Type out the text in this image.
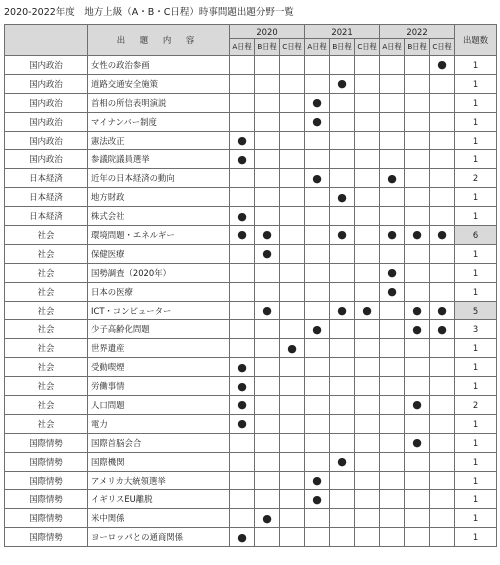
2020-2022年度　地方上級（A・B・C日程）時事問題出題分野一覧
	出 題 内 容	2020			2021			2022			出題数
		A日程	B日程	C日程	A日程	B日程	C日程	A日程	B日程	C日程	
国内政治	女性の政治参画									●	1
国内政治	道路交通安全施策					●					1
国内政治	首相の所信表明演説				●						1
国内政治	マイナンバー制度				●						1
国内政治	憲法改正	●									1
国内政治	参議院議員選挙	●									1
日本経済	近年の日本経済の動向				●			●			2
日本経済	地方財政					●					1
日本経済	株式会社	●									1
社会	環境問題・エネルギー	●	●			●		●	●	●	6
社会	保健医療		●								1
社会	国勢調査（2020年）							●			1
社会	日本の医療							●			1
社会	ICT・コンピューター		●			●	●		●	●	5
社会	少子高齢化問題				●				●	●	3
社会	世界遺産			●							1
社会	受動喫煙	●									1
社会	労働事情	●									1
社会	人口問題	●							●		2
社会	電力	●									1
国際情勢	国際首脳会合								●		1
国際情勢	国際機関					●					1
国際情勢	アメリカ大統領選挙				●						1
国際情勢	イギリスEU離脱				●						1
国際情勢	米中関係		●								1
国際情勢	ヨーロッパとの通商関係	●									1
